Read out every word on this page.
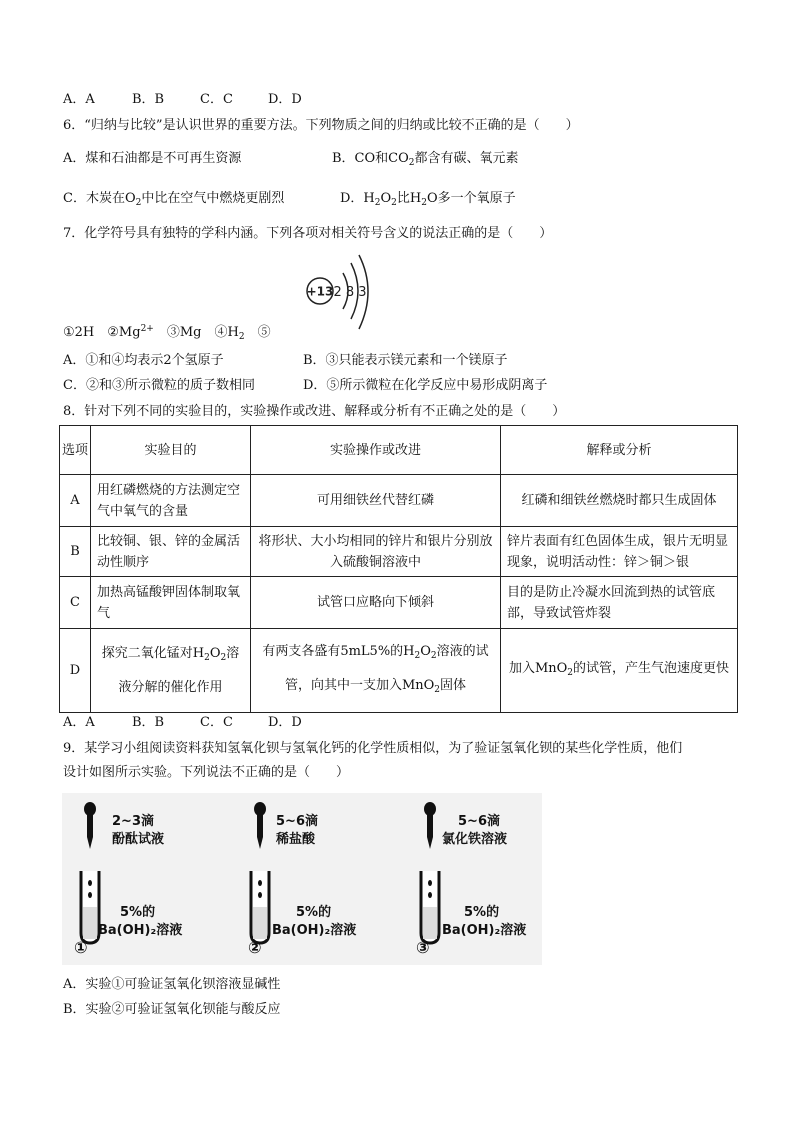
A．A	B．B	C．C	D．D
6．“归纳与比较”是认识世界的重要方法。下列物质之间的归纳或比较不正确的是（　　）
A．煤和石油都是不可再生资源	B．CO和$CO_2$都含有碳、氧元素
C．木炭在$O_2$中比在空气中燃烧更剧烈	D．$H_2O_2$比$H_2O$多一个氧原子
7．化学符号具有独特的学科内涵。下列各项对相关符号含义的说法正确的是（　　）
+13 2 8 3
①2H　 $②Mg^{2+}$　 ③Mg　 $④H_2$　 ⑤
A．①和④均表示2个氢原子	B．③只能表示镁元素和一个镁原子
C．②和③所示微粒的质子数相同	D．⑤所示微粒在化学反应中易形成阴离子
8．针对下列不同的实验目的，实验操作或改进、解释或分析有不正确之处的是（　　）
选项	实验目的	实验操作或改进	解释或分析
A	用红磷燃烧的方法测定空气中氧气的含量	可用细铁丝代替红磷	红磷和细铁丝燃烧时都只生成固体
B	比较铜、银、锌的金属活动性顺序	将形状、大小均相同的锌片和银片分别放入硫酸铜溶液中	锌片表面有红色固体生成，银片无明显现象，说明活动性：锌＞铜＞银
C	加热高锰酸钾固体制取氧气	试管口应略向下倾斜	目的是防止冷凝水回流到热的试管底部，导致试管炸裂
D	探究二氧化锰对$H_2O_2$溶液分解的催化作用	有两支各盛有5mL5%的$H_2O_2$溶液的试管，向其中一支加入MnO$_2$固体	加入MnO$_2$的试管，产生气泡速度更快
A．A	B．B	C．C	D．D
9．某学习小组阅读资料获知氢氧化钡与氢氧化钙的化学性质相似，为了验证氢氧化钡的某些化学性质，他们
设计如图所示实验。下列说法不正确的是（　　）
2~3滴
酚酞试液
5%的
Ba(OH)₂溶液
①
5~6滴
稀盐酸
5%的
Ba(OH)₂溶液
②
5~6滴
氯化铁溶液
5%的
Ba(OH)₂溶液
③
A．实验①可验证氢氧化钡溶液显碱性
B．实验②可验证氢氧化钡能与酸反应
